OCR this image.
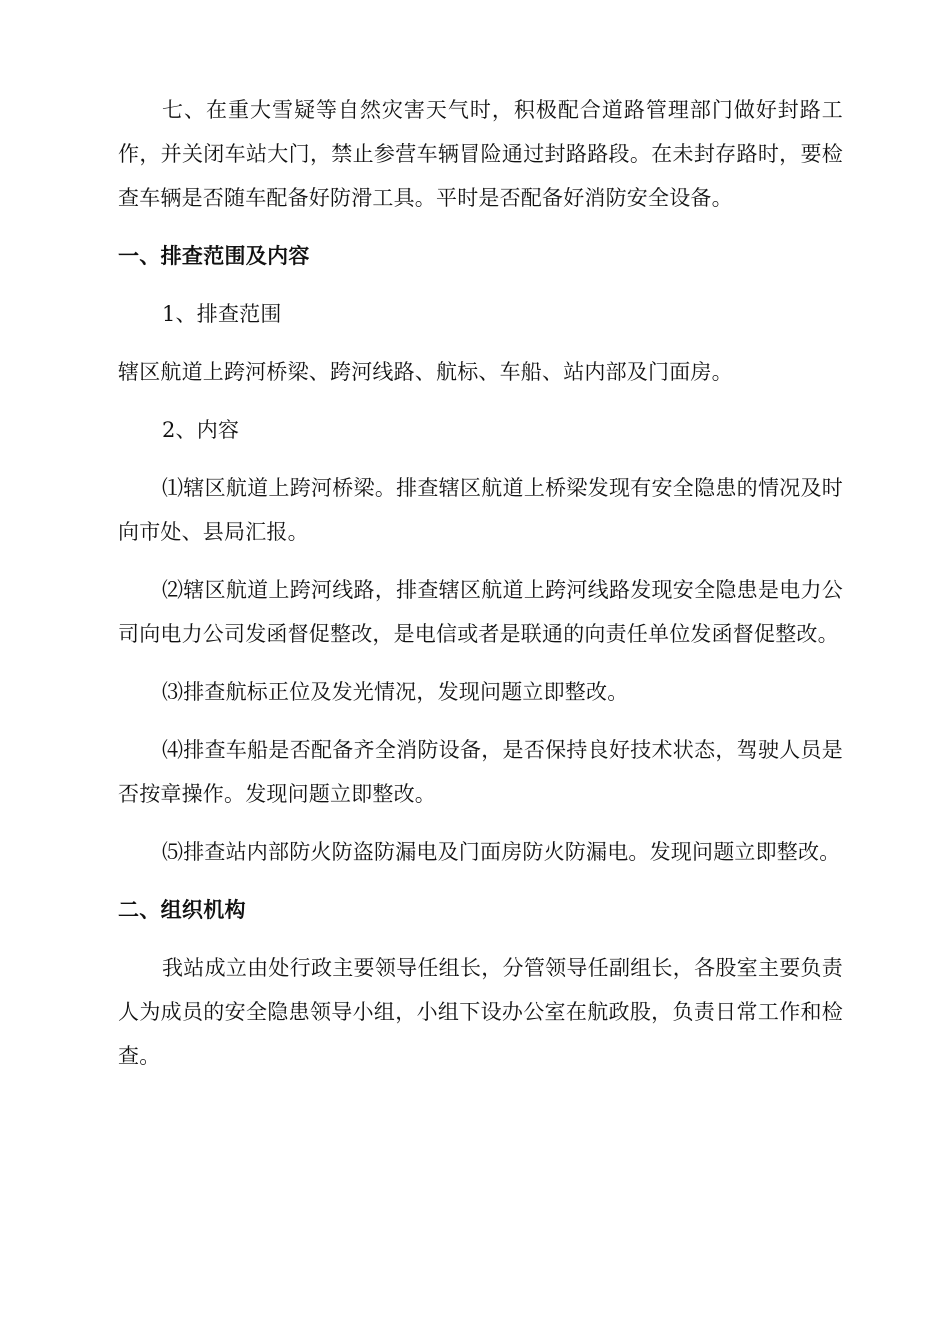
七、在重大雪疑等自然灾害天气时，积极配合道路管理部门做好封路工作，并关闭车站大门，禁止参营车辆冒险通过封路路段。在未封存路时，要检查车辆是否随车配备好防滑工具。平时是否配备好消防安全设备。

一、排查范围及内容

1、排查范围

辖区航道上跨河桥梁、跨河线路、航标、车船、站内部及门面房。

2、内容

⑴辖区航道上跨河桥梁。排查辖区航道上桥梁发现有安全隐患的情况及时向市处、县局汇报。

⑵辖区航道上跨河线路，排查辖区航道上跨河线路发现安全隐患是电力公司向电力公司发函督促整改，是电信或者是联通的向责任单位发函督促整改。

⑶排查航标正位及发光情况，发现问题立即整改。

⑷排查车船是否配备齐全消防设备，是否保持良好技术状态，驾驶人员是否按章操作。发现问题立即整改。

⑸排查站内部防火防盗防漏电及门面房防火防漏电。发现问题立即整改。

二、组织机构

我站成立由处行政主要领导任组长，分管领导任副组长，各股室主要负责人为成员的安全隐患领导小组，小组下设办公室在航政股，负责日常工作和检查。
